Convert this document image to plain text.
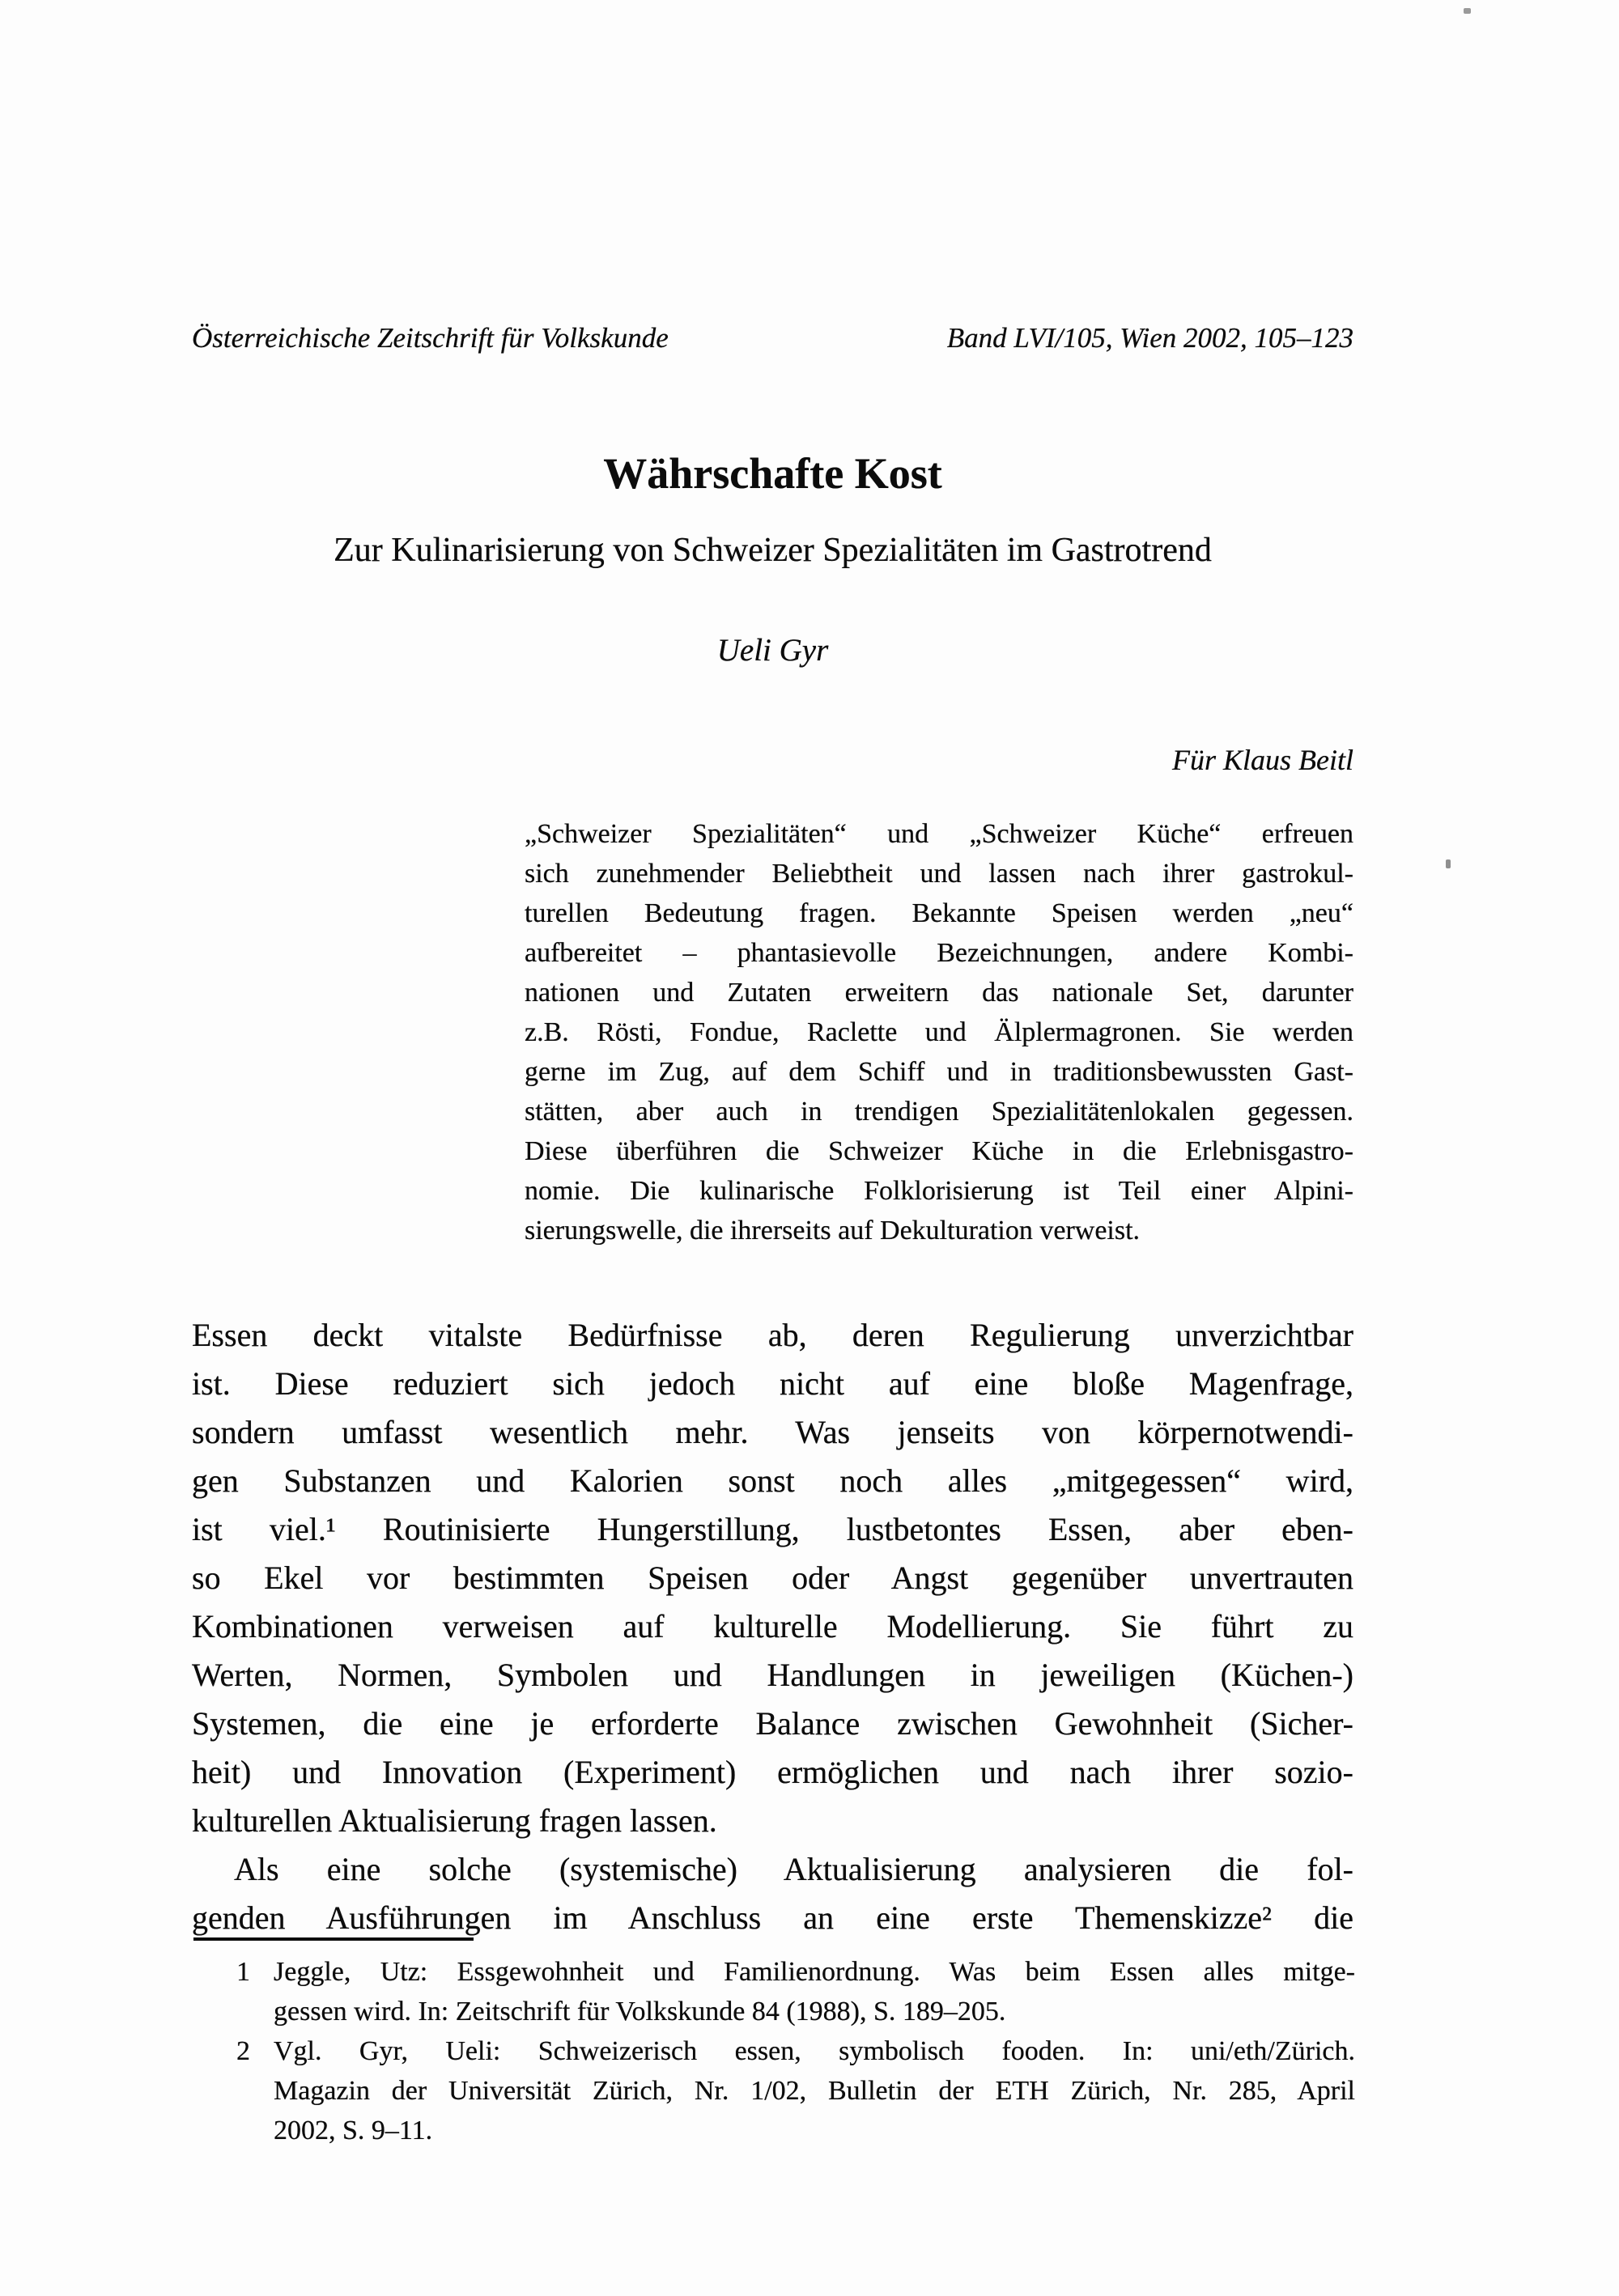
Österreichische Zeitschrift für Volkskunde	Band LVI/105, Wien 2002, 105–123
Währschafte Kost
Zur Kulinarisierung von Schweizer Spezialitäten im Gastrotrend
Ueli Gyr
Für Klaus Beitl
„Schweizer Spezialitäten“ und „Schweizer Küche“ erfreuen
sich zunehmender Beliebtheit und lassen nach ihrer gastrokul-
turellen Bedeutung fragen. Bekannte Speisen werden „neu“
aufbereitet – phantasievolle Bezeichnungen, andere Kombi-
nationen und Zutaten erweitern das nationale Set, darunter
z.B. Rösti, Fondue, Raclette und Älplermagronen. Sie werden
gerne im Zug, auf dem Schiff und in traditionsbewussten Gast-
stätten, aber auch in trendigen Spezialitätenlokalen gegessen.
Diese überführen die Schweizer Küche in die Erlebnisgastro-
nomie. Die kulinarische Folklorisierung ist Teil einer Alpini-
sierungswelle, die ihrerseits auf Dekulturation verweist.
Essen deckt vitalste Bedürfnisse ab, deren Regulierung unverzichtbar
ist. Diese reduziert sich jedoch nicht auf eine bloße Magenfrage,
sondern umfasst wesentlich mehr. Was jenseits von körpernotwendi-
gen Substanzen und Kalorien sonst noch alles „mitgegessen“ wird,
ist viel.¹ Routinisierte Hungerstillung, lustbetontes Essen, aber eben-
so Ekel vor bestimmten Speisen oder Angst gegenüber unvertrauten
Kombinationen verweisen auf kulturelle Modellierung. Sie führt zu
Werten, Normen, Symbolen und Handlungen in jeweiligen (Küchen-)
Systemen, die eine je erforderte Balance zwischen Gewohnheit (Sicher-
heit) und Innovation (Experiment) ermöglichen und nach ihrer sozio-
kulturellen Aktualisierung fragen lassen.
Als eine solche (systemische) Aktualisierung analysieren die fol-
genden Ausführungen im Anschluss an eine erste Themenskizze² die
1 Jeggle, Utz: Essgewohnheit und Familienordnung. Was beim Essen alles mitge-
gessen wird. In: Zeitschrift für Volkskunde 84 (1988), S. 189–205.
2 Vgl. Gyr, Ueli: Schweizerisch essen, symbolisch fooden. In: uni/eth/Zürich.
Magazin der Universität Zürich, Nr. 1/02, Bulletin der ETH Zürich, Nr. 285, April
2002, S. 9–11.
